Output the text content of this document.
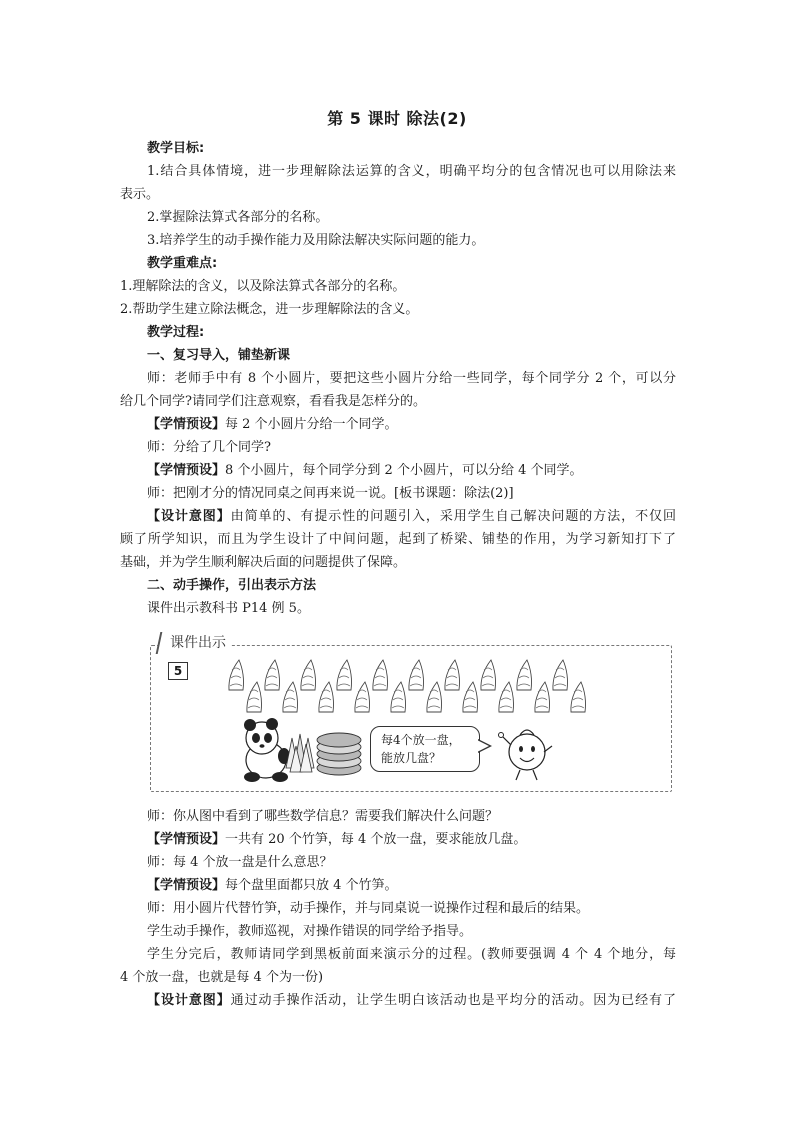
第 5 课时 除法(2)
教学目标:
1.结合具体情境，进一步理解除法运算的含义，明确平均分的包含情况也可以用除法来
表示。
2.掌握除法算式各部分的名称。
3.培养学生的动手操作能力及用除法解决实际问题的能力。
教学重难点:
1.理解除法的含义，以及除法算式各部分的名称。
2.帮助学生建立除法概念，进一步理解除法的含义。
教学过程:
一、复习导入，铺垫新课
师：老师手中有 8 个小圆片，要把这些小圆片分给一些同学，每个同学分 2 个，可以分
给几个同学?请同学们注意观察，看看我是怎样分的。
【学情预设】每 2 个小圆片分给一个同学。
师：分给了几个同学?
【学情预设】8 个小圆片，每个同学分到 2 个小圆片，可以分给 4 个同学。
师：把刚才分的情况同桌之间再来说一说。[板书课题：除法(2)]
【设计意图】由简单的、有提示性的问题引入，采用学生自己解决问题的方法，不仅回
顾了所学知识，而且为学生设计了中间问题，起到了桥梁、铺垫的作用，为学习新知打下了
基础，并为学生顺利解决后面的问题提供了保障。
二、动手操作，引出表示方法
课件出示教科书 P14 例 5。
课件出示
5
每4个放一盘，
能放几盘？
师：你从图中看到了哪些数学信息？需要我们解决什么问题？
【学情预设】一共有 20 个竹笋，每 4 个放一盘，要求能放几盘。
师：每 4 个放一盘是什么意思？
【学情预设】每个盘里面都只放 4 个竹笋。
师：用小圆片代替竹笋，动手操作，并与同桌说一说操作过程和最后的结果。
学生动手操作，教师巡视，对操作错误的同学给予指导。
学生分完后，教师请同学到黑板前面来演示分的过程。(教师要强调 4 个 4 个地分，每
4 个放一盘，也就是每 4 个为一份)
【设计意图】通过动手操作活动，让学生明白该活动也是平均分的活动。因为已经有了
